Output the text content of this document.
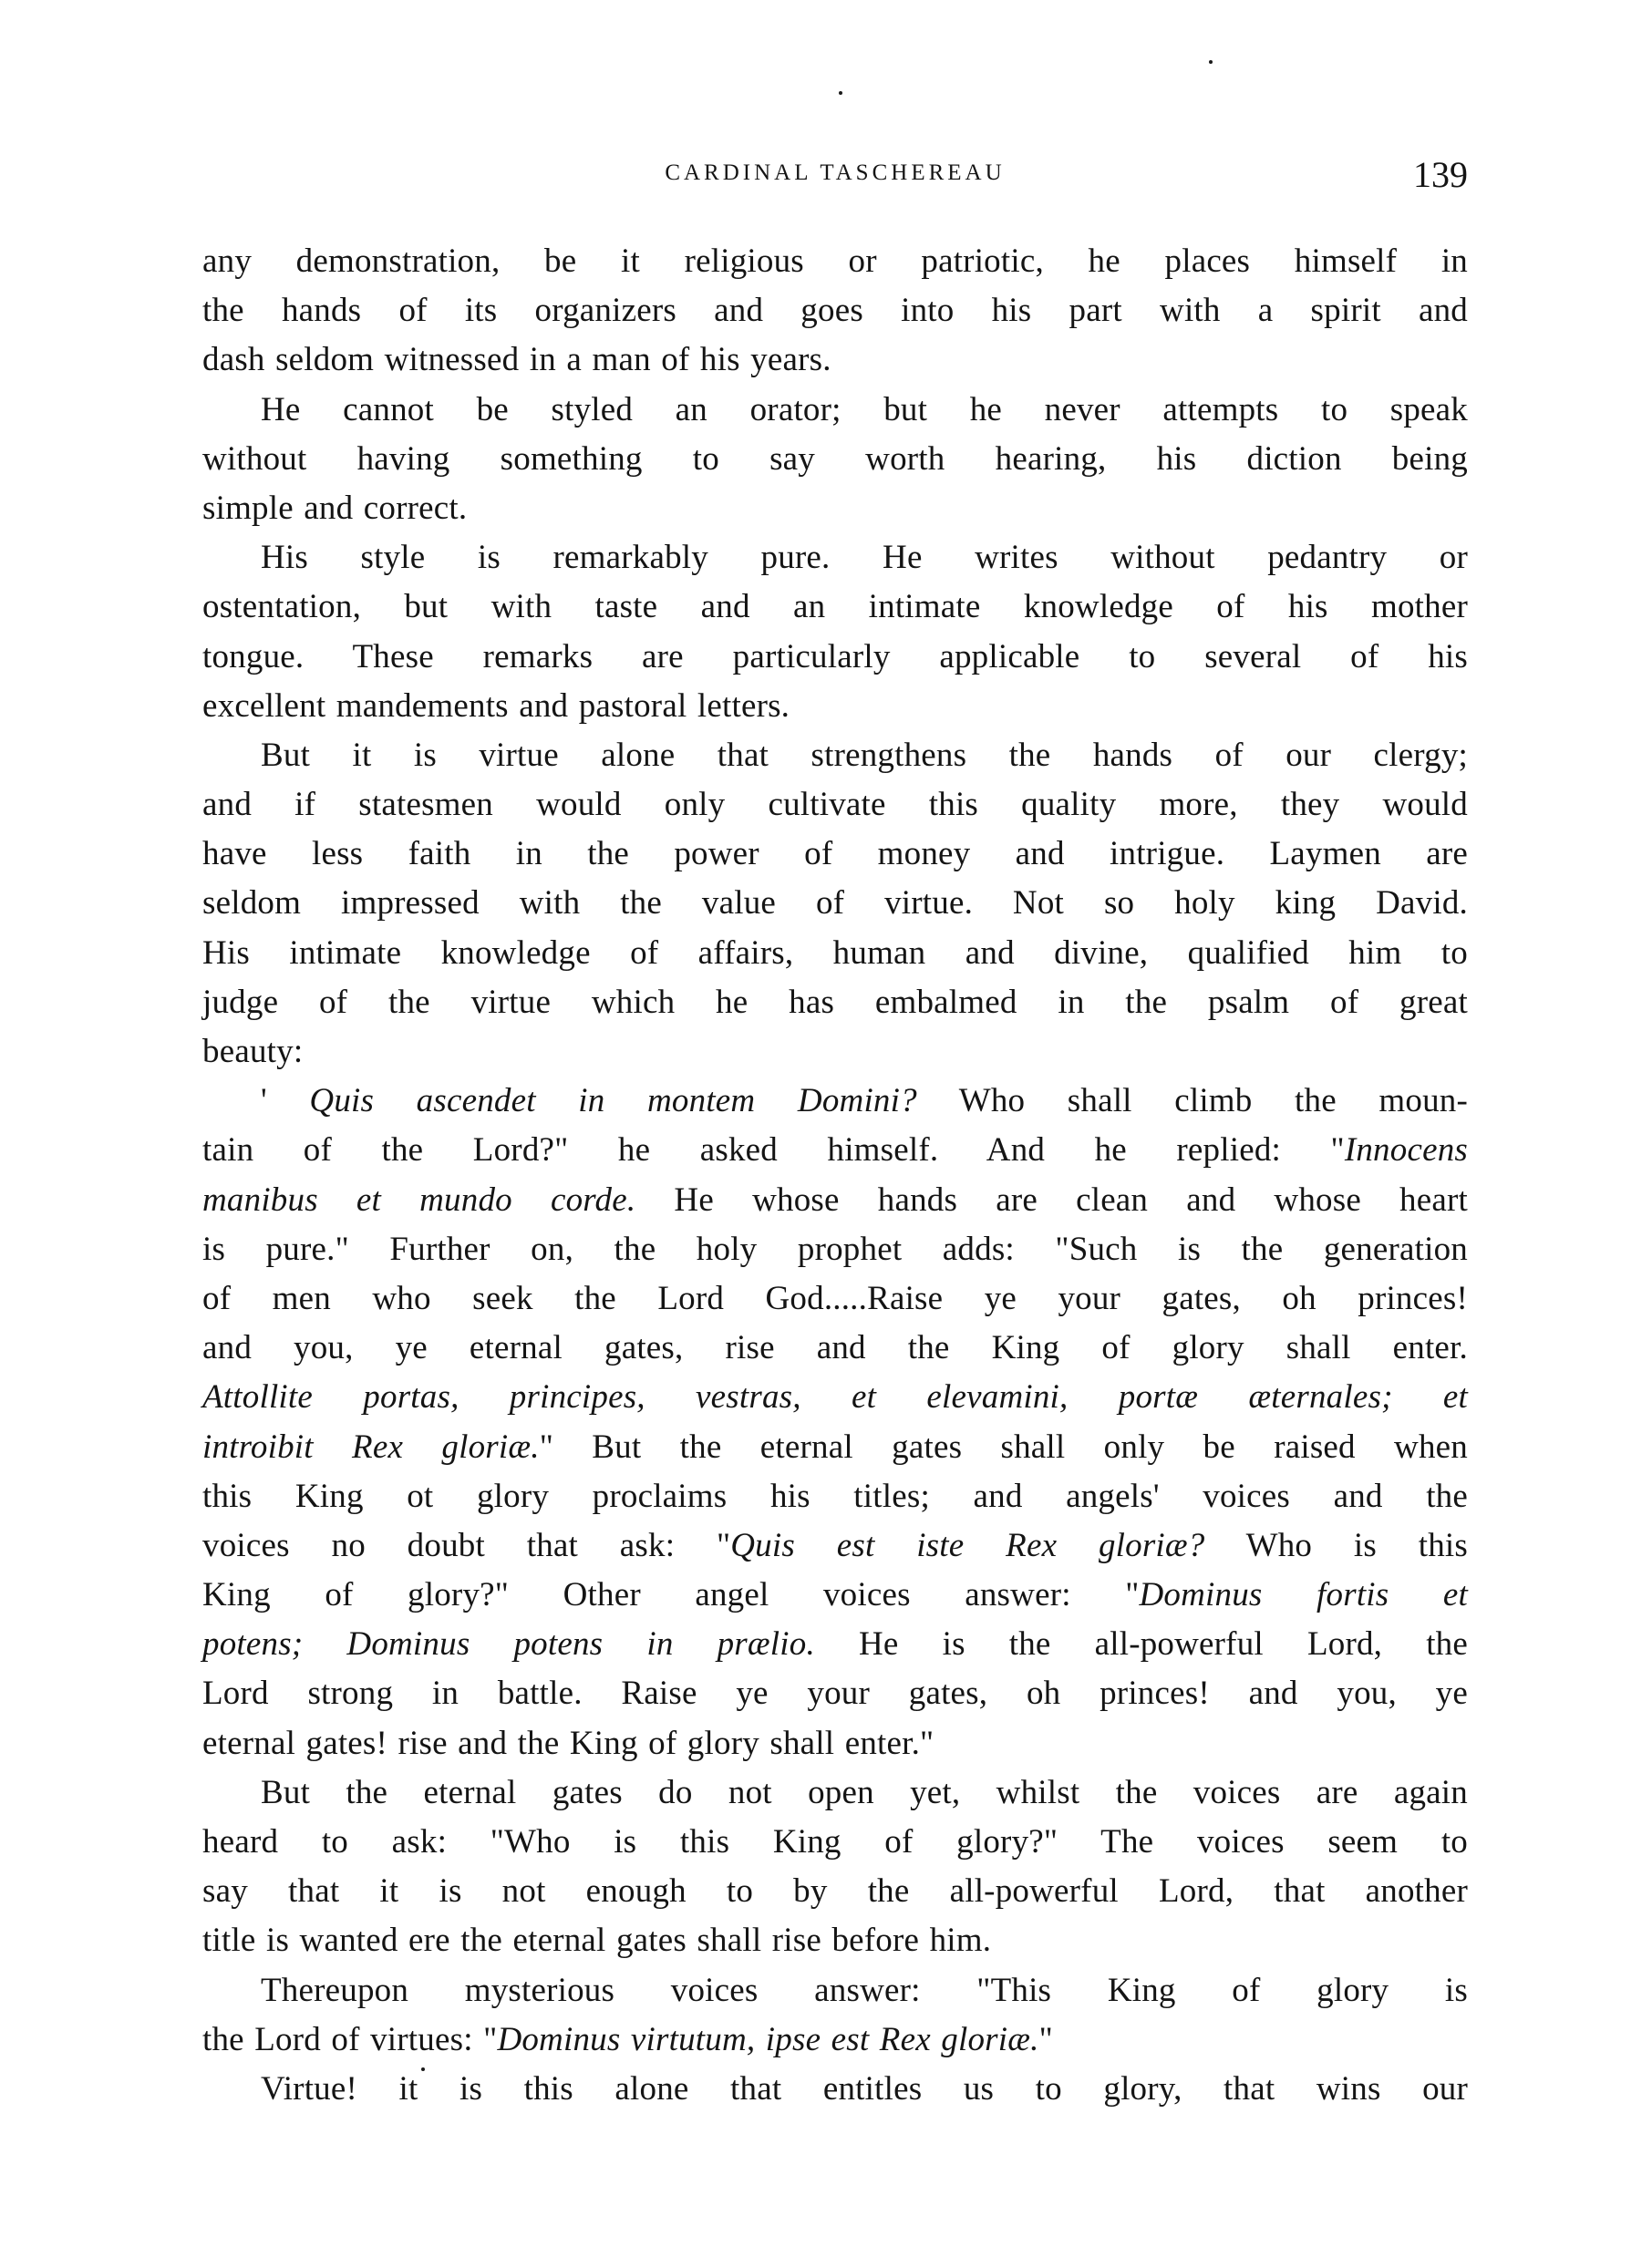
CARDINAL TASCHEREAU	139
any demonstration, be it religious or patriotic, he places himself in
the hands of its organizers and goes into his part with a spirit and
dash seldom witnessed in a man of his years.
He cannot be styled an orator; but he never attempts to speak
without having something to say worth hearing, his diction being
simple and correct.
His style is remarkably pure. He writes without pedantry or
ostentation, but with taste and an intimate knowledge of his mother
tongue. These remarks are particularly applicable to several of his
excellent mandements and pastoral letters.
But it is virtue alone that strengthens the hands of our clergy;
and if statesmen would only cultivate this quality more, they would
have less faith in the power of money and intrigue. Laymen are
seldom impressed with the value of virtue. Not so holy king David.
His intimate knowledge of affairs, human and divine, qualified him to
judge of the virtue which he has embalmed in the psalm of great
beauty:
' Quis ascendet in montem Domini? Who shall climb the moun-
tain of the Lord?" he asked himself. And he replied: "Innocens
manibus et mundo corde. He whose hands are clean and whose heart
is pure." Further on, the holy prophet adds: "Such is the generation
of men who seek the Lord God.....Raise ye your gates, oh princes!
and you, ye eternal gates, rise and the King of glory shall enter.
Attollite portas, principes, vestras, et elevamini, portæ æternales; et
introibit Rex gloriæ." But the eternal gates shall only be raised when
this King ot glory proclaims his titles; and angels' voices and the
voices no doubt that ask: "Quis est iste Rex gloriæ? Who is this
King of glory?" Other angel voices answer: "Dominus fortis et
potens; Dominus potens in prælio. He is the all-powerful Lord, the
Lord strong in battle. Raise ye your gates, oh princes! and you, ye
eternal gates! rise and the King of glory shall enter."
But the eternal gates do not open yet, whilst the voices are again
heard to ask: "Who is this King of glory?" The voices seem to
say that it is not enough to by the all-powerful Lord, that another
title is wanted ere the eternal gates shall rise before him.
Thereupon mysterious voices answer: "This King of glory is
the Lord of virtues: "Dominus virtutum, ipse est Rex gloriæ."
Virtue! it is this alone that entitles us to glory, that wins our
